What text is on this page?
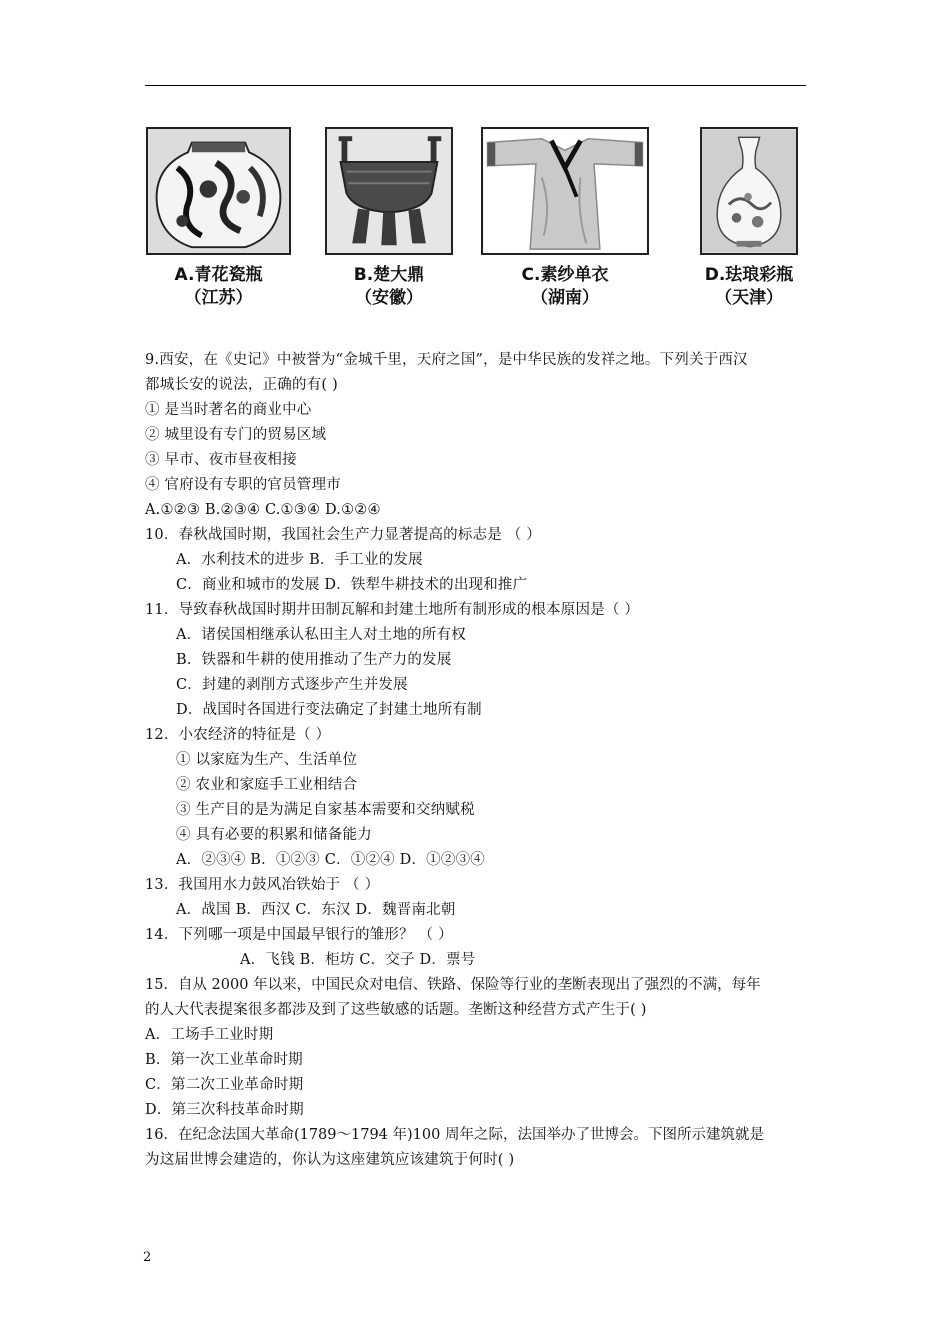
A.青花瓷瓶
（江苏）
B.楚大鼎
（安徽）
C.素纱单衣
（湖南）
D.珐琅彩瓶
（天津）
9.西安，在《史记》中被誉为“金城千里，天府之国”，是中华民族的发祥之地。下列关于西汉
都城长安的说法，正确的有( )
① 是当时著名的商业中心
② 城里设有专门的贸易区域
③ 早市、夜市昼夜相接
④ 官府设有专职的官员管理市
A.①②③ B.②③④ C.①③④ D.①②④
10．春秋战国时期，我国社会生产力显著提高的标志是 （ ）
A．水利技术的进步 B．手工业的发展
C．商业和城市的发展 D．铁犁牛耕技术的出现和推广
11．导致春秋战国时期井田制瓦解和封建土地所有制形成的根本原因是（ ）
A．诸侯国相继承认私田主人对土地的所有权
B．铁器和牛耕的使用推动了生产力的发展
C．封建的剥削方式逐步产生并发展
D．战国时各国进行变法确定了封建土地所有制
12．小农经济的特征是（ ）
① 以家庭为生产、生活单位
② 农业和家庭手工业相结合
③ 生产目的是为满足自家基本需要和交纳赋税
④ 具有必要的积累和储备能力
A．②③④ B．①②③ C．①②④ D．①②③④
13．我国用水力鼓风冶铁始于 （ ）
A．战国 B．西汉 C．东汉 D．魏晋南北朝
14．下列哪一项是中国最早银行的雏形？ （ ）
A．飞钱 B．柜坊 C．交子 D．票号
15．自从 2000 年以来，中国民众对电信、铁路、保险等行业的垄断表现出了强烈的不满，每年
的人大代表提案很多都涉及到了这些敏感的话题。垄断这种经营方式产生于( )
A．工场手工业时期
B．第一次工业革命时期
C．第二次工业革命时期
D．第三次科技革命时期
16．在纪念法国大革命(1789～1794 年)100 周年之际，法国举办了世博会。下图所示建筑就是
为这届世博会建造的，你认为这座建筑应该建筑于何时( )
2
